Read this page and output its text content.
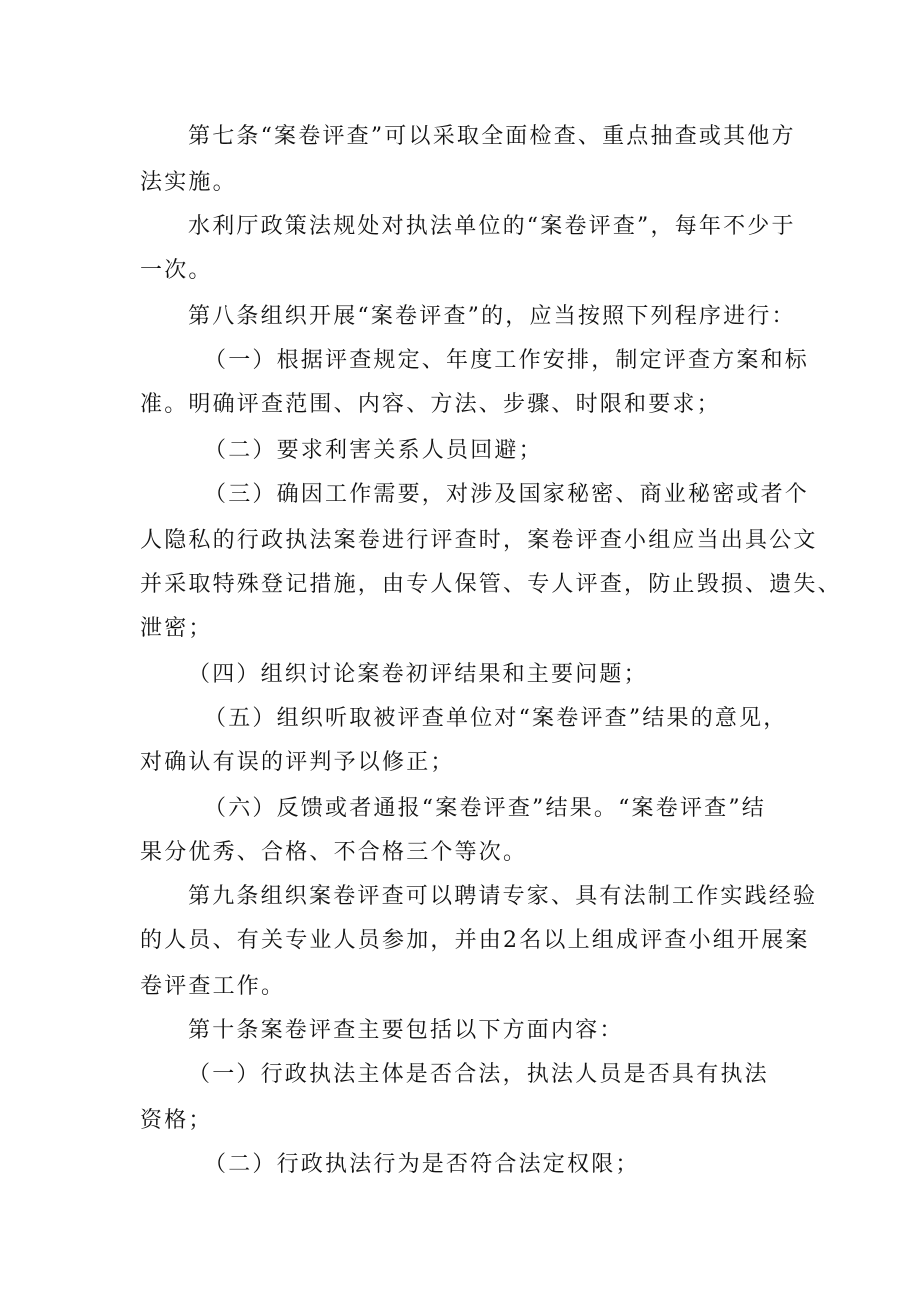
第七条“案卷评查”可以采取全面检查、重点抽查或其他方
法实施。
水利厅政策法规处对执法单位的“案卷评查”，每年不少于
一次。
第八条组织开展“案卷评查”的，应当按照下列程序进行：
（一）根据评查规定、年度工作安排，制定评查方案和标
准。明确评查范围、内容、方法、步骤、时限和要求；
（二）要求利害关系人员回避；
（三）确因工作需要，对涉及国家秘密、商业秘密或者个
人隐私的行政执法案卷进行评查时，案卷评查小组应当出具公文
并采取特殊登记措施，由专人保管、专人评查，防止毁损、遗失、
泄密；
（四）组织讨论案卷初评结果和主要问题；
（五）组织听取被评查单位对“案卷评查”结果的意见，
对确认有误的评判予以修正；
（六）反馈或者通报“案卷评查”结果。“案卷评查”结
果分优秀、合格、不合格三个等次。
第九条组织案卷评查可以聘请专家、具有法制工作实践经验
的人员、有关专业人员参加，并由2名以上组成评查小组开展案
卷评查工作。
第十条案卷评查主要包括以下方面内容：
（一）行政执法主体是否合法，执法人员是否具有执法
资格；
（二）行政执法行为是否符合法定权限；
